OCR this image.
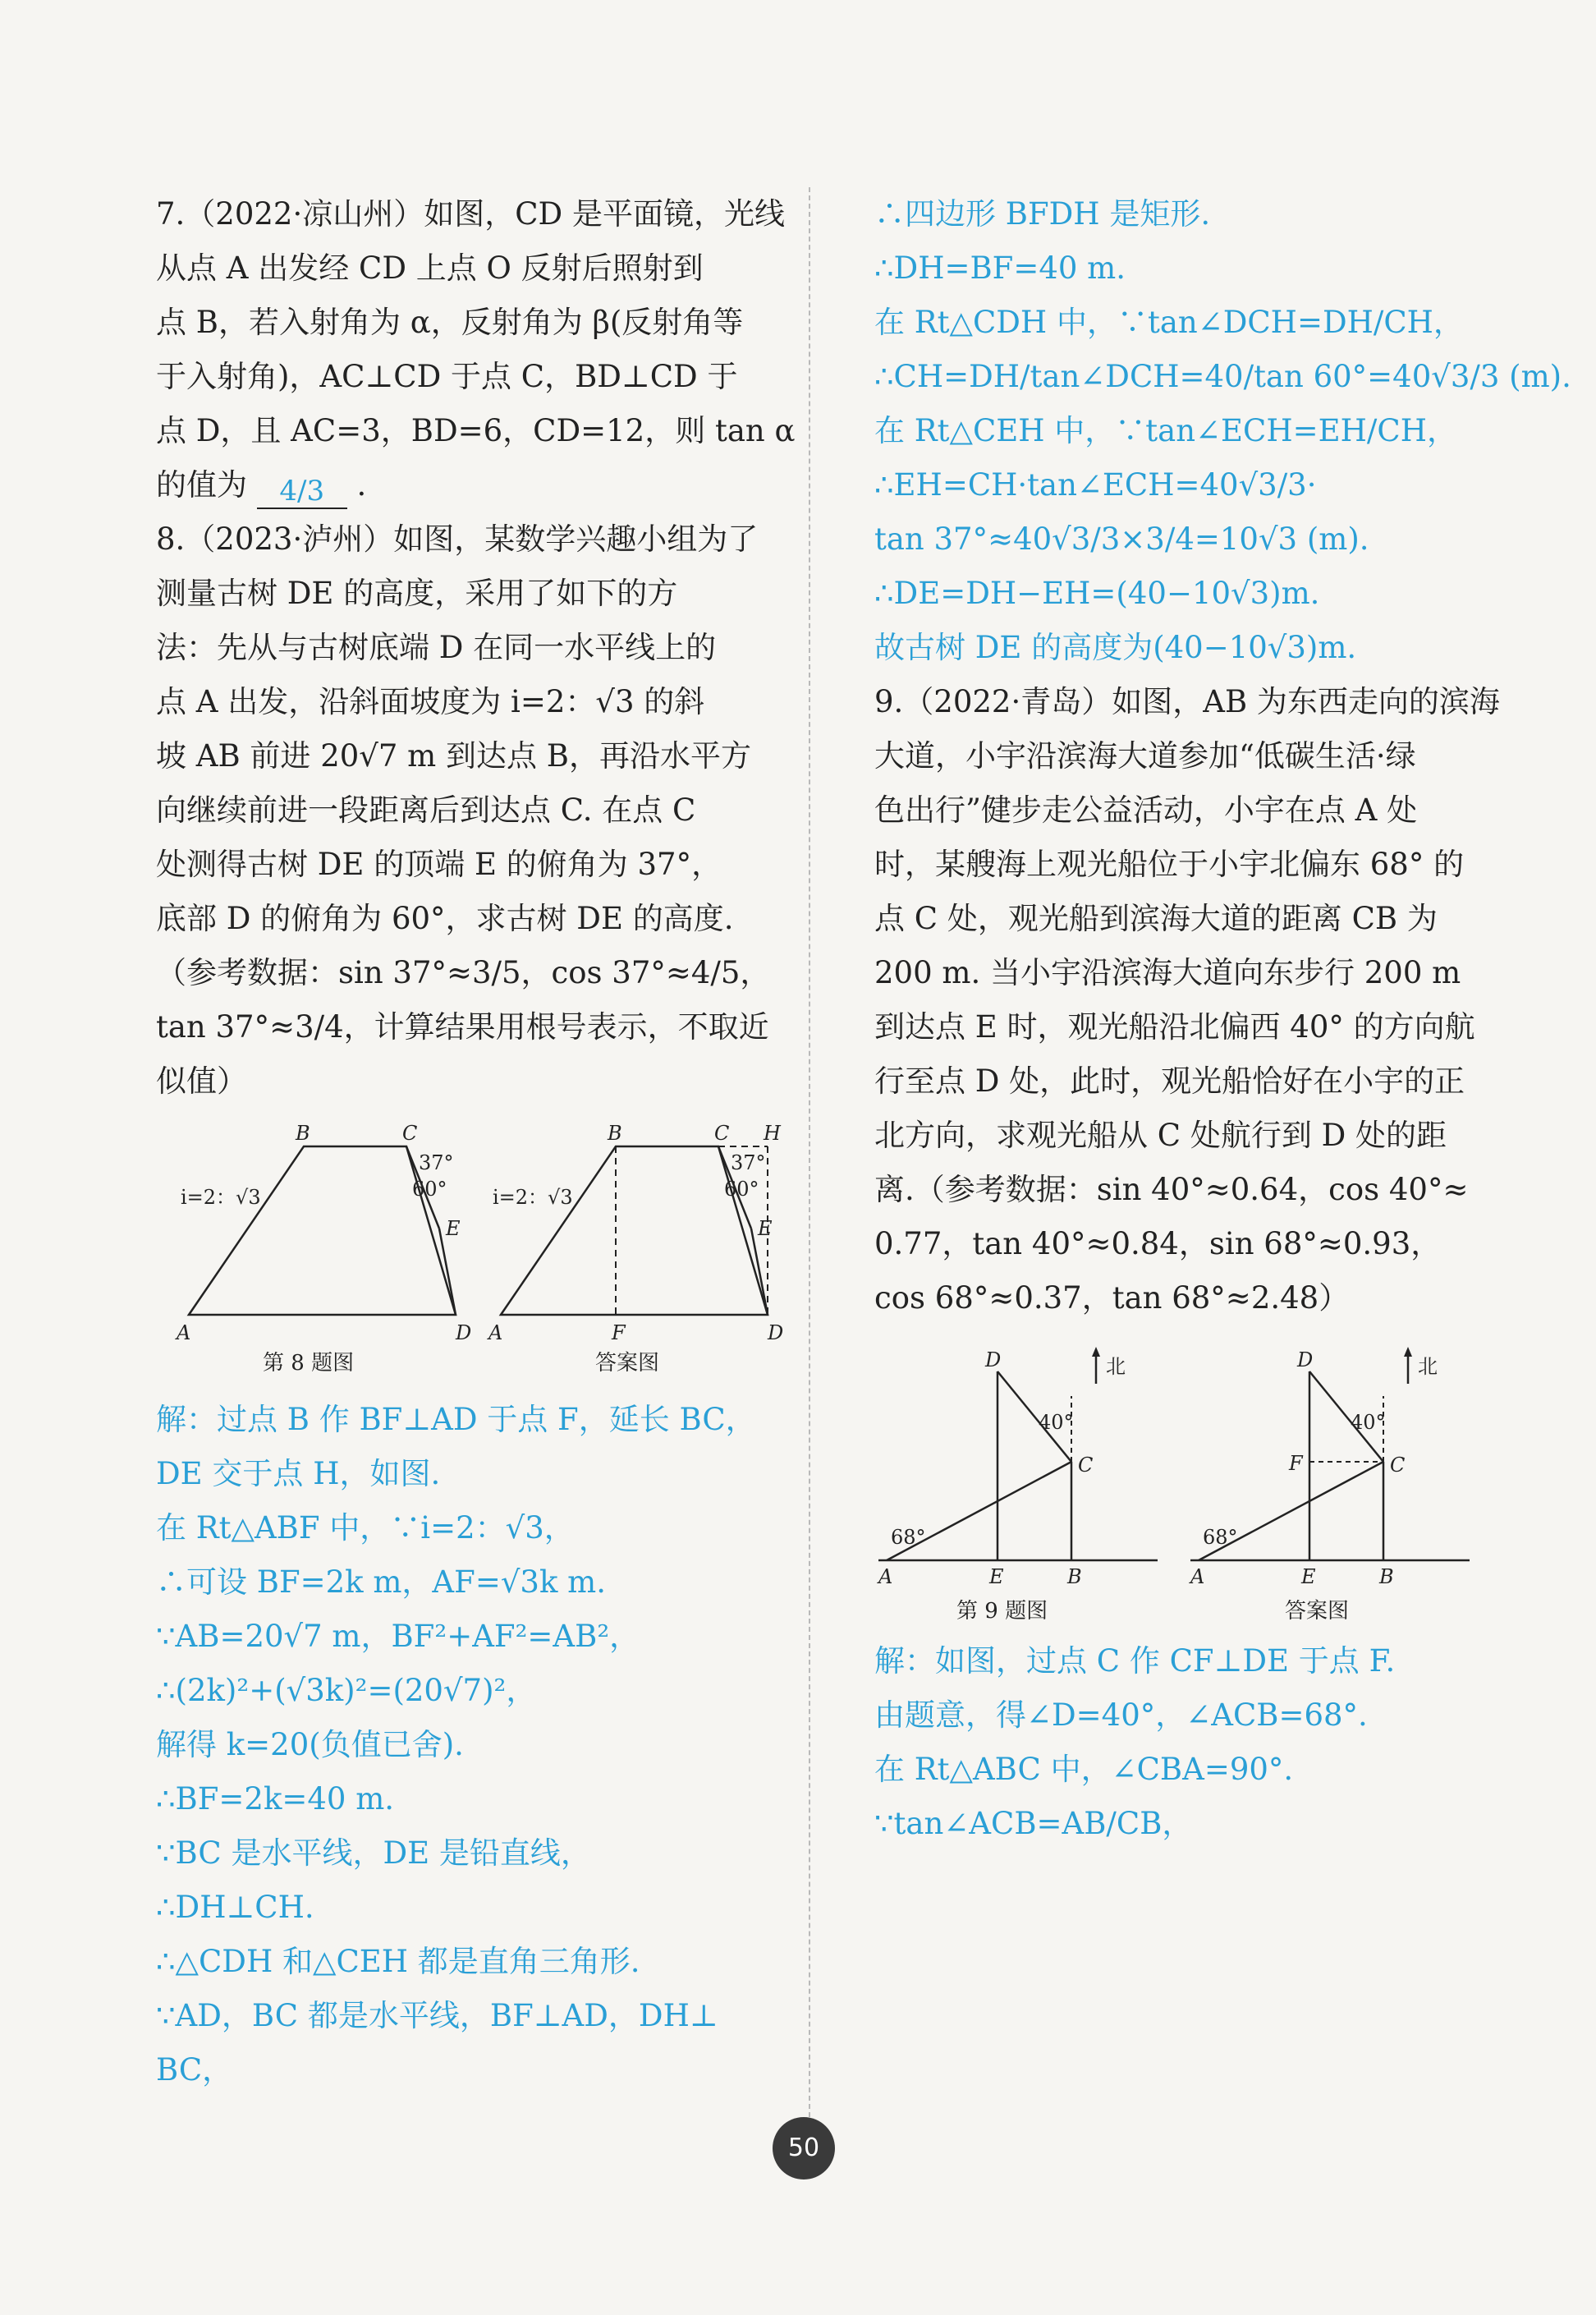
7.（2022·凉山州）如图，CD 是平面镜，光线
从点 A 出发经 CD 上点 O 反射后照射到
点 B，若入射角为 α，反射角为 β(反射角等
于入射角)，AC⊥CD 于点 C，BD⊥CD 于
点 D，且 AC=3，BD=6，CD=12，则 tan α
的值为 4/3 .
8.（2023·泸州）如图，某数学兴趣小组为了
测量古树 DE 的高度，采用了如下的方
法：先从与古树底端 D 在同一水平线上的
点 A 出发，沿斜面坡度为 i=2：√3 的斜
坡 AB 前进 20√7 m 到达点 B，再沿水平方
向继续前进一段距离后到达点 C. 在点 C
处测得古树 DE 的顶端 E 的俯角为 37°，
底部 D 的俯角为 60°，求古树 DE 的高度.
（参考数据：sin 37°≈3/5，cos 37°≈4/5，
tan 37°≈3/4，计算结果用根号表示，不取近
似值）
A
B	C
D
E
i=2：√3
37°
60°
第 8 题图
A
B	C
D
E
F
H
i=2：√3
37°
60°
答案图
解：过点 B 作 BF⊥AD 于点 F，延长 BC，
DE 交于点 H，如图.
在 Rt△ABF 中，∵i=2：√3，
∴可设 BF=2k m，AF=√3k m.
∵AB=20√7 m，BF²+AF²=AB²，
∴(2k)²+(√3k)²=(20√7)²，
解得 k=20(负值已舍).
∴BF=2k=40 m.
∵BC 是水平线，DE 是铅直线，
∴DH⊥CH.
∴△CDH 和△CEH 都是直角三角形.
∵AD，BC 都是水平线，BF⊥AD，DH⊥
BC，
∴四边形 BFDH 是矩形.
∴DH=BF=40 m.
在 Rt△CDH 中，∵tan∠DCH=DH/CH，
∴CH=DH/tan∠DCH=40/tan 60°=40√3/3 (m).
在 Rt△CEH 中，∵tan∠ECH=EH/CH，
∴EH=CH·tan∠ECH=40√3/3·
tan 37°≈40√3/3×3/4=10√3 (m).
∴DE=DH−EH=(40−10√3)m.
故古树 DE 的高度为(40−10√3)m.
9.（2022·青岛）如图，AB 为东西走向的滨海
大道，小宇沿滨海大道参加“低碳生活·绿
色出行”健步走公益活动，小宇在点 A 处
时，某艘海上观光船位于小宇北偏东 68° 的
点 C 处，观光船到滨海大道的距离 CB 为
200 m. 当小宇沿滨海大道向东步行 200 m
到达点 E 时，观光船沿北偏西 40° 的方向航
行至点 D 处，此时，观光船恰好在小宇的正
北方向，求观光船从 C 处航行到 D 处的距
离.（参考数据：sin 40°≈0.64，cos 40°≈
0.77，tan 40°≈0.84，sin 68°≈0.93，
cos 68°≈0.37，tan 68°≈2.48）
北
D
C
A	E	B
40°
68°
第 9 题图
北
D
C
F
A	E	B
40°
68°
答案图
解：如图，过点 C 作 CF⊥DE 于点 F.
由题意，得∠D=40°，∠ACB=68°.
在 Rt△ABC 中，∠CBA=90°.
∵tan∠ACB=AB/CB，
50
